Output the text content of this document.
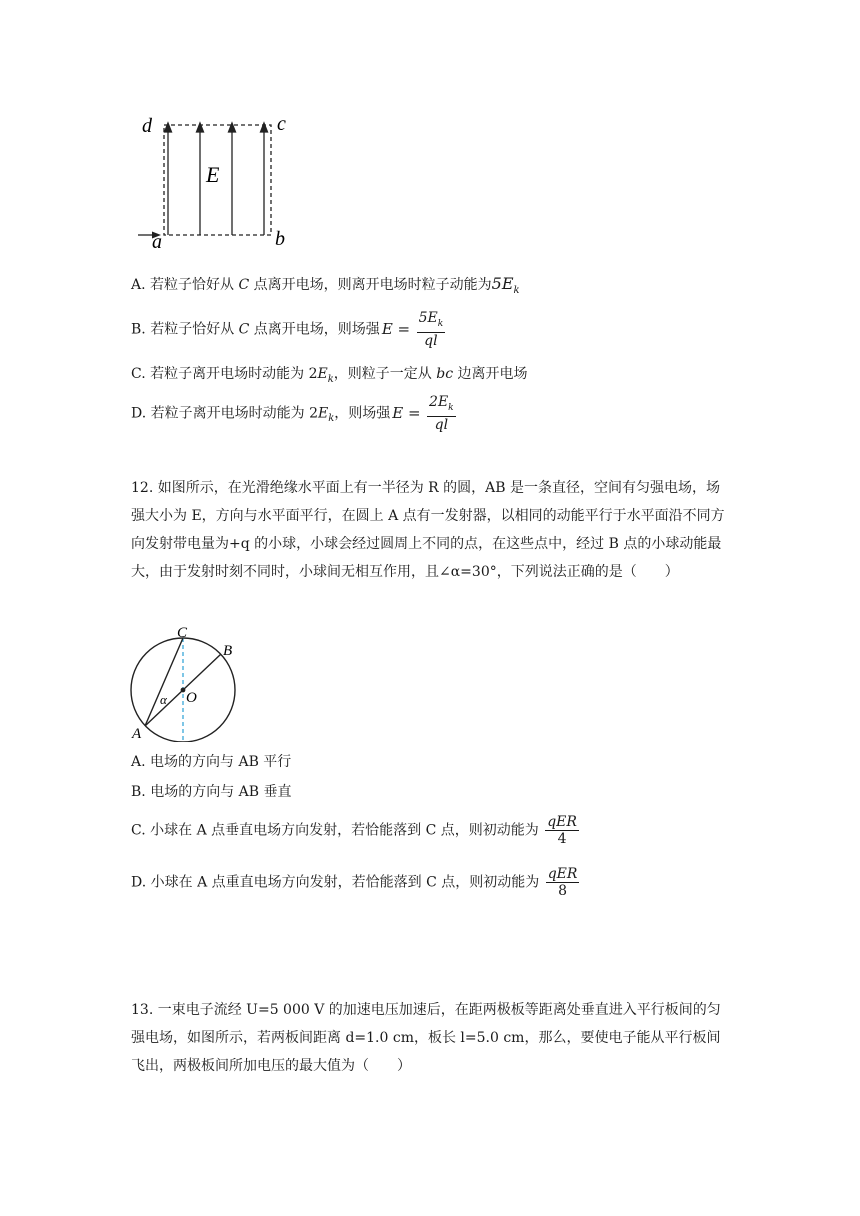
d	c
E
a	b
A. 若粒子恰好从 C 点离开电场，则离开电场时粒子动能为$5E_k$
B. 若粒子恰好从 C 点离开电场，则场强 $E = \frac{5E_k}{ql}$
C. 若粒子离开电场时动能为 $2E_k$，则粒子一定从 bc 边离开电场
D. 若粒子离开电场时动能为 $2E_k$，则场强 $E = \frac{2E_k}{ql}$
12. 如图所示，在光滑绝缘水平面上有一半径为 R 的圆，AB 是一条直径，空间有匀强电场，场强大小为 E，方向与水平面平行，在圆上 A 点有一发射器，以相同的动能平行于水平面沿不同方向发射带电量为+q 的小球，小球会经过圆周上不同的点，在这些点中，经过 B 点的小球动能最大，由于发射时刻不同时，小球间无相互作用，且∠α=30°，下列说法正确的是（　　）
C
B
A
O
α
A. 电场的方向与 AB 平行
B. 电场的方向与 AB 垂直
C. 小球在 A 点垂直电场方向发射，若恰能落到 C 点，则初动能为 $\frac{\text{qER}}{4}$
D. 小球在 A 点重直电场方向发射，若恰能落到 C 点，则初动能为 $\frac{\text{qER}}{8}$
13. 一束电子流经 U=5 000 V 的加速电压加速后，在距两极板等距离处垂直进入平行板间的匀强电场，如图所示，若两板间距离 d=1.0 cm，板长 l=5.0 cm，那么，要使电子能从平行板间飞出，两极板间所加电压的最大值为（　　）
